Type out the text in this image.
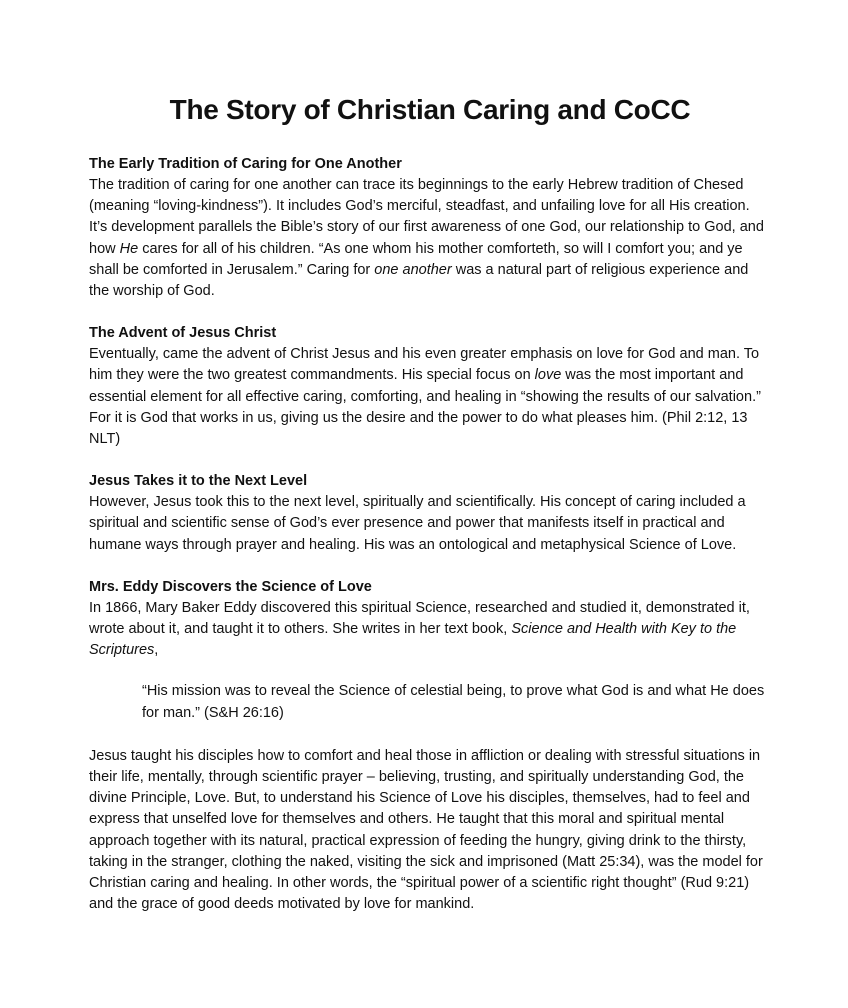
The Story of Christian Caring and CoCC

The Early Tradition of Caring for One Another

The tradition of caring for one another can trace its beginnings to the early Hebrew tradition of Chesed (meaning “loving-kindness”). It includes God’s merciful, steadfast, and unfailing love for all His creation. It’s development parallels the Bible’s story of our first awareness of one God, our relationship to God, and how He cares for all of his children. “As one whom his mother comforteth, so will I comfort you; and ye shall be comforted in Jerusalem.” Caring for one another was a natural part of religious experience and the worship of God.

The Advent of Jesus Christ

Eventually, came the advent of Christ Jesus and his even greater emphasis on love for God and man. To him they were the two greatest commandments. His special focus on love was the most important and essential element for all effective caring, comforting, and healing in “showing the results of our salvation.” For it is God that works in us, giving us the desire and the power to do what pleases him. (Phil 2:12, 13 NLT)

Jesus Takes it to the Next Level

However, Jesus took this to the next level, spiritually and scientifically. His concept of caring included a spiritual and scientific sense of God’s ever presence and power that manifests itself in practical and humane ways through prayer and healing. His was an ontological and metaphysical Science of Love.

Mrs. Eddy Discovers the Science of Love

In 1866, Mary Baker Eddy discovered this spiritual Science, researched and studied it, demonstrated it, wrote about it, and taught it to others. She writes in her text book, Science and Health with Key to the Scriptures,

“His mission was to reveal the Science of celestial being, to prove what God is and what He does for man.” (S&H 26:16)

Jesus taught his disciples how to comfort and heal those in affliction or dealing with stressful situations in their life, mentally, through scientific prayer – believing, trusting, and spiritually understanding God, the divine Principle, Love. But, to understand his Science of Love his disciples, themselves, had to feel and express that unselfed love for themselves and others. He taught that this moral and spiritual mental approach together with its natural, practical expression of feeding the hungry, giving drink to the thirsty, taking in the stranger, clothing the naked, visiting the sick and imprisoned (Matt 25:34), was the model for Christian caring and healing. In other words, the “spiritual power of a scientific right thought” (Rud 9:21) and the grace of good deeds motivated by love for mankind.
